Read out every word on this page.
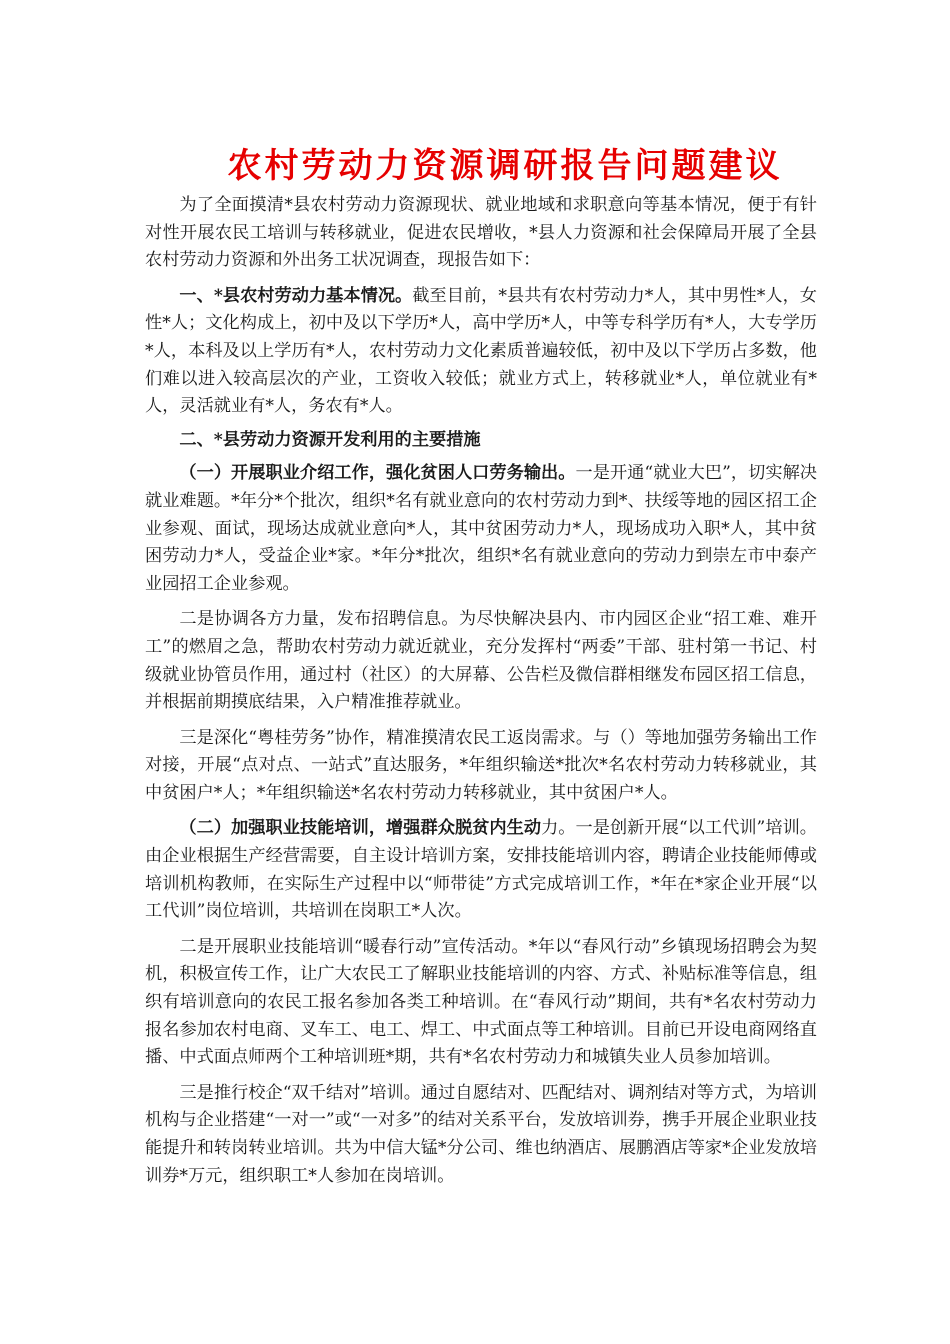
农村劳动力资源调研报告问题建议

为了全面摸清*县农村劳动力资源现状、就业地域和求职意向等基本情况，便于有针对性开展农民工培训与转移就业，促进农民增收，*县人力资源和社会保障局开展了全县农村劳动力资源和外出务工状况调查，现报告如下：

一、*县农村劳动力基本情况。截至目前，*县共有农村劳动力*人，其中男性*人，女性*人；文化构成上，初中及以下学历*人，高中学历*人，中等专科学历有*人，大专学历*人，本科及以上学历有*人，农村劳动力文化素质普遍较低，初中及以下学历占多数，他们难以进入较高层次的产业，工资收入较低；就业方式上，转移就业*人，单位就业有*人，灵活就业有*人，务农有*人。

二、*县劳动力资源开发利用的主要措施

（一）开展职业介绍工作，强化贫困人口劳务输出。一是开通“就业大巴”，切实解决就业难题。*年分*个批次，组织*名有就业意向的农村劳动力到*、扶绥等地的园区招工企业参观、面试，现场达成就业意向*人，其中贫困劳动力*人，现场成功入职*人，其中贫困劳动力*人，受益企业*家。*年分*批次，组织*名有就业意向的劳动力到崇左市中泰产业园招工企业参观。

二是协调各方力量，发布招聘信息。为尽快解决县内、市内园区企业“招工难、难开工”的燃眉之急，帮助农村劳动力就近就业，充分发挥村“两委”干部、驻村第一书记、村级就业协管员作用，通过村（社区）的大屏幕、公告栏及微信群相继发布园区招工信息，并根据前期摸底结果，入户精准推荐就业。

三是深化“粤桂劳务”协作，精准摸清农民工返岗需求。与（）等地加强劳务输出工作对接，开展“点对点、一站式”直达服务，*年组织输送*批次*名农村劳动力转移就业，其中贫困户*人；*年组织输送*名农村劳动力转移就业，其中贫困户*人。

（二）加强职业技能培训，增强群众脱贫内生动力。一是创新开展“以工代训”培训。由企业根据生产经营需要，自主设计培训方案，安排技能培训内容，聘请企业技能师傅或培训机构教师，在实际生产过程中以“师带徒”方式完成培训工作，*年在*家企业开展“以工代训”岗位培训，共培训在岗职工*人次。

二是开展职业技能培训“暖春行动”宣传活动。*年以“春风行动”乡镇现场招聘会为契机，积极宣传工作，让广大农民工了解职业技能培训的内容、方式、补贴标准等信息，组织有培训意向的农民工报名参加各类工种培训。在“春风行动”期间，共有*名农村劳动力报名参加农村电商、叉车工、电工、焊工、中式面点等工种培训。目前已开设电商网络直播、中式面点师两个工种培训班*期，共有*名农村劳动力和城镇失业人员参加培训。

三是推行校企“双千结对”培训。通过自愿结对、匹配结对、调剂结对等方式，为培训机构与企业搭建“一对一”或“一对多”的结对关系平台，发放培训券，携手开展企业职业技能提升和转岗转业培训。共为中信大锰*分公司、维也纳酒店、展鹏酒店等家*企业发放培训券*万元，组织职工*人参加在岗培训。
